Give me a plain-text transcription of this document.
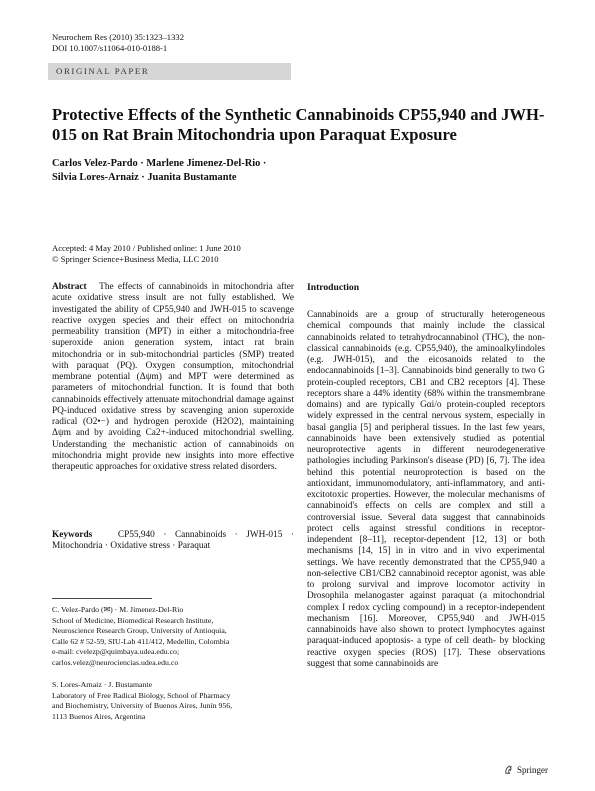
Neurochem Res (2010) 35:1323–1332
DOI 10.1007/s11064-010-0188-1
ORIGINAL PAPER
Protective Effects of the Synthetic Cannabinoids CP55,940 and JWH-015 on Rat Brain Mitochondria upon Paraquat Exposure
Carlos Velez-Pardo · Marlene Jimenez-Del-Rio ·
Silvia Lores-Arnaiz · Juanita Bustamante
Accepted: 4 May 2010 / Published online: 1 June 2010
© Springer Science+Business Media, LLC 2010

Abstract The effects of cannabinoids in mitochondria after acute oxidative stress insult are not fully established. We investigated the ability of CP55,940 and JWH-015 to scavenge reactive oxygen species and their effect on mitochondria permeability transition (MPT) in either a mitochondria-free superoxide anion generation system, intact rat brain mitochondria or in sub-mitochondrial particles (SMP) treated with paraquat (PQ). Oxygen consumption, mitochondrial membrane potential (Δψm) and MPT were determined as parameters of mitochondrial function. It is found that both cannabinoids effectively attenuate mitochondrial damage against PQ-induced oxidative stress by scavenging anion superoxide radical (O2•−) and hydrogen peroxide (H2O2), maintaining Δψm and by avoiding Ca2+-induced mitochondrial swelling. Understanding the mechanistic action of cannabinoids on mitochondria might provide new insights into more effective therapeutic approaches for oxidative stress related disorders.

Keywords	CP55,940 · Cannabinoids · JWH-015 · Mitochondria · Oxidative stress · Paraquat

C. Velez-Pardo (✉) · M. Jimenez-Del-Rio
School of Medicine, Biomedical Research Institute,
Neuroscience Research Group, University of Antioquia,
Calle 62 # 52-59, SIU-Lab 411/412, Medellin, Colombia
e-mail: cvelezp@quimbaya.udea.edu.co;
carlos.velez@neurociencias.udea.edu.co
S. Lores-Arnaiz · J. Bustamante
Laboratory of Free Radical Biology, School of Pharmacy
and Biochemistry, University of Buenos Aires, Junín 956,
1113 Buenos Aires, Argentina
Introduction

Cannabinoids are a group of structurally heterogeneous chemical compounds that mainly include the classical cannabinoids related to tetrahydrocannabinol (THC), the non-classical cannabinoids (e.g. CP55,940), the aminoalkylindoles (e.g. JWH-015), and the eicosanoids related to the endocannabinoids [1–3]. Cannabinoids bind generally to two G protein-coupled receptors, CB1 and CB2 receptors [4]. These receptors share a 44% identity (68% within the transmembrane domains) and are typically Gαi/o protein-coupled receptors widely expressed in the central nervous system, especially in basal ganglia [5] and peripheral tissues. In the last few years, cannabinoids have been extensively studied as potential neuroprotective agents in different neurodegenerative pathologies including Parkinson's disease (PD) [6, 7]. The idea behind this potential neuroprotection is based on the antioxidant, immunomodulatory, anti-inflammatory, and anti-excitotoxic properties. However, the molecular mechanisms of cannabinoid's effects on cells are complex and still a controversial issue. Several data suggest that cannabinoids protect cells against stressful conditions in receptor-independent [8–11], receptor-dependent [12, 13] or both mechanisms [14, 15] in in vitro and in vivo experimental settings. We have recently demonstrated that the CP55,940 a non-selective CB1/CB2 cannabinoid receptor agonist, was able to prolong survival and improve locomotor activity in Drosophila melanogaster against paraquat (a mitochondrial complex I redox cycling compound) in a receptor-independent mechanism [16]. Moreover, CP55,940 and JWH-015 cannabinoids have also shown to protect lymphocytes against paraquat-induced apoptosis- a type of cell death- by blocking reactive oxygen species (ROS) [17]. These observations suggest that some cannabinoids are

Springer
